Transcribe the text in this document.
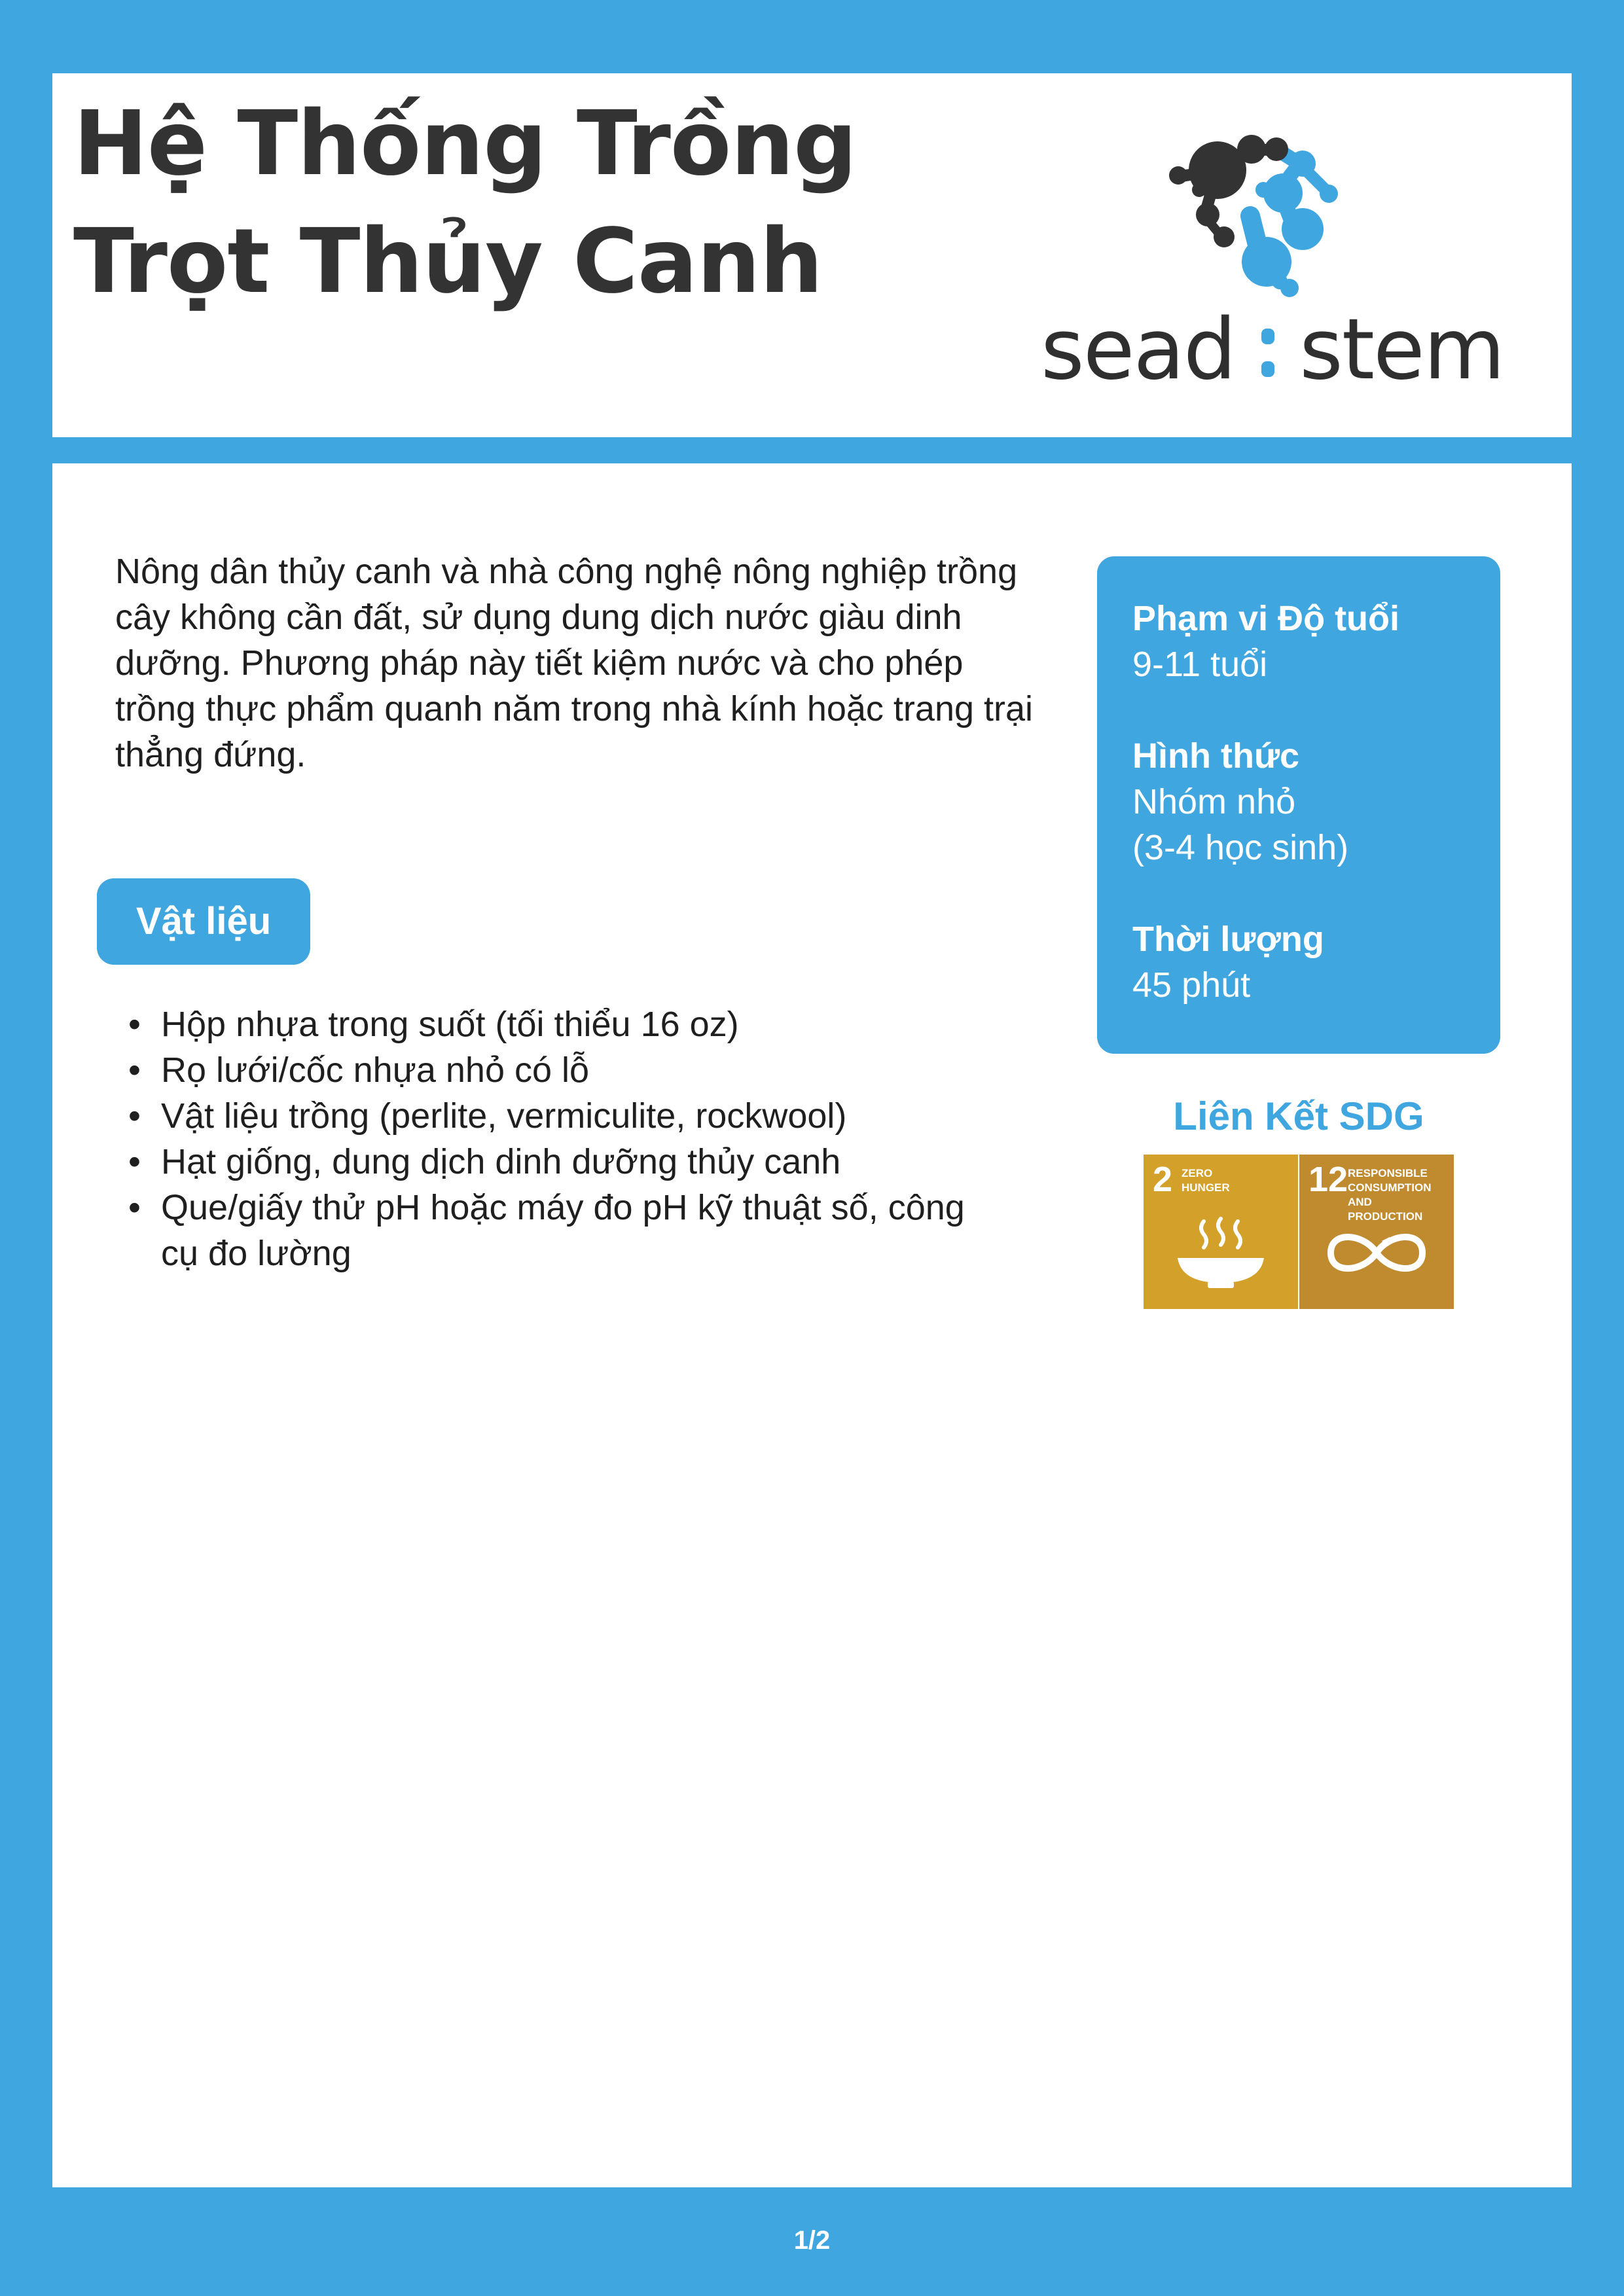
Hệ Thống Trồng
Trọt Thủy Canh
sead stem

Nông dân thủy canh và nhà công nghệ nông nghiệp trồng cây không cần đất, sử dụng dung dịch nước giàu dinh dưỡng. Phương pháp này tiết kiệm nước và cho phép trồng thực phẩm quanh năm trong nhà kính hoặc trang trại thẳng đứng.

Vật liệu
• Hộp nhựa trong suốt (tối thiểu 16 oz)
• Rọ lưới/cốc nhựa nhỏ có lỗ
• Vật liệu trồng (perlite, vermiculite, rockwool)
• Hạt giống, dung dịch dinh dưỡng thủy canh
• Que/giấy thử pH hoặc máy đo pH kỹ thuật số, công cụ đo lường
Phạm vi Độ tuổi
9-11 tuổi
Hình thức
Nhóm nhỏ
(3-4 học sinh)
Thời lượng
45 phút
Liên Kết SDG
2 ZERO
HUNGER	12 RESPONSIBLE
CONSUMPTION
AND PRODUCTION
1/2
